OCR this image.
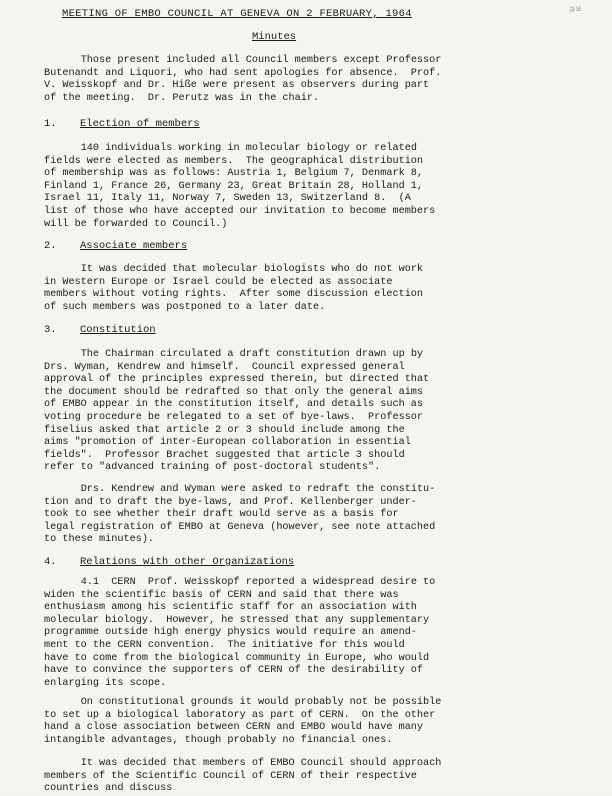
ǝ ᴚ
MEETING OF EMBO COUNCIL AT GENEVA ON 2 FEBRUARY, 1964
Minutes
Those present included all Council members except Professor
Butenandt and Liquori, who had sent apologies for absence.  Prof.
V. Weisskopf and Dr. Hiße were present as observers during part
of the meeting.  Dr. Perutz was in the chair.
1. Election of members
140 individuals working in molecular biology or related
fields were elected as members.  The geographical distribution
of membership was as follows: Austria 1, Belgium 7, Denmark 8,
Finland 1, France 26, Germany 23, Great Britain 28, Holland 1,
Israel 11, Italy 11, Norway 7, Sweden 13, Switzerland 8.  (A
list of those who have accepted our invitation to become members
will be forwarded to Council.)
2. Associate members
It was decided that molecular biologists who do not work
in Western Europe or Israel could be elected as associate
members without voting rights.  After some discussion election
of such members was postponed to a later date.
3. Constitution
The Chairman circulated a draft constitution drawn up by
Drs. Wyman, Kendrew and himself.  Council expressed general
approval of the principles expressed therein, but directed that
the document should be redrafted so that only the general aims
of EMBO appear in the constitution itself, and details such as
voting procedure be relegated to a set of bye-laws.  Professor
fiselius asked that article 2 or 3 should include among the
aims "promotion of inter-European collaboration in essential
fields".  Professor Brachet suggested that article 3 should
refer to "advanced training of post-doctoral students".
Drs. Kendrew and Wyman were asked to redraft the constitu-
tion and to draft the bye-laws, and Prof. Kellenberger under-
took to see whether their draft would serve as a basis for
legal registration of EMBO at Geneva (however, see note attached
to these minutes).
4. Relations with other Organizations
4.1  CERN  Prof. Weisskopf reported a widespread desire to
widen the scientific basis of CERN and said that there was
enthusiasm among his scientific staff for an association with
molecular biology.  However, he stressed that any supplementary
programme outside high energy physics would require an amend-
ment to the CERN convention.  The initiative for this would
have to come from the biological community in Europe, who would
have to convince the supporters of CERN of the desirability of
enlarging its scope.
On constitutional grounds it would probably not be possible
to set up a biological laboratory as part of CERN.  On the other
hand a close association between CERN and EMBO would have many
intangible advantages, though probably no financial ones.
It was decided that members of EMBO Council should approach
members of the Scientific Council of CERN of their respective
countries and discuss
